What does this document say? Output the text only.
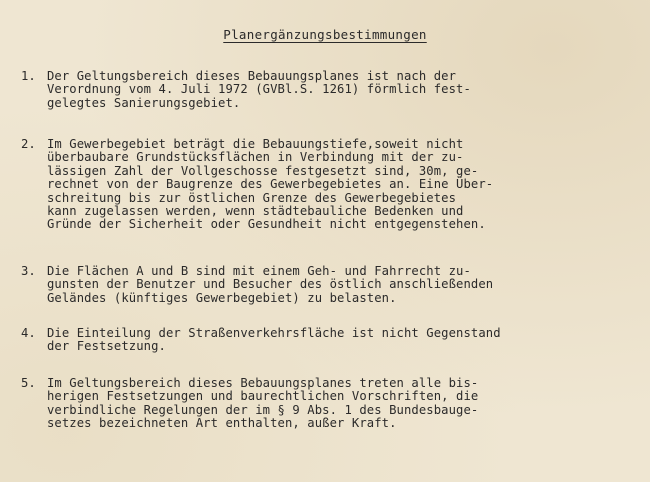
Planergänzungsbestimmungen
1. Der Geltungsbereich dieses Bebauungsplanes ist nach der
Verordnung vom 4. Juli 1972 (GVBl.S. 1261) förmlich fest-
gelegtes Sanierungsgebiet.
2. Im Gewerbegebiet beträgt die Bebauungstiefe,soweit nicht
überbaubare Grundstücksflächen in Verbindung mit der zu-
lässigen Zahl der Vollgeschosse festgesetzt sind, 30m, ge-
rechnet von der Baugrenze des Gewerbegebietes an. Eine Über-
schreitung bis zur östlichen Grenze des Gewerbegebietes
kann zugelassen werden, wenn städtebauliche Bedenken und
Gründe der Sicherheit oder Gesundheit nicht entgegenstehen.
3. Die Flächen A und B sind mit einem Geh- und Fahrrecht zu-
gunsten der Benutzer und Besucher des östlich anschließenden
Geländes (künftiges Gewerbegebiet) zu belasten.
4. Die Einteilung der Straßenverkehrsfläche ist nicht Gegenstand
der Festsetzung.
5. Im Geltungsbereich dieses Bebauungsplanes treten alle bis-
herigen Festsetzungen und baurechtlichen Vorschriften, die
verbindliche Regelungen der im § 9 Abs. 1 des Bundesbauge-
setzes bezeichneten Art enthalten, außer Kraft.
